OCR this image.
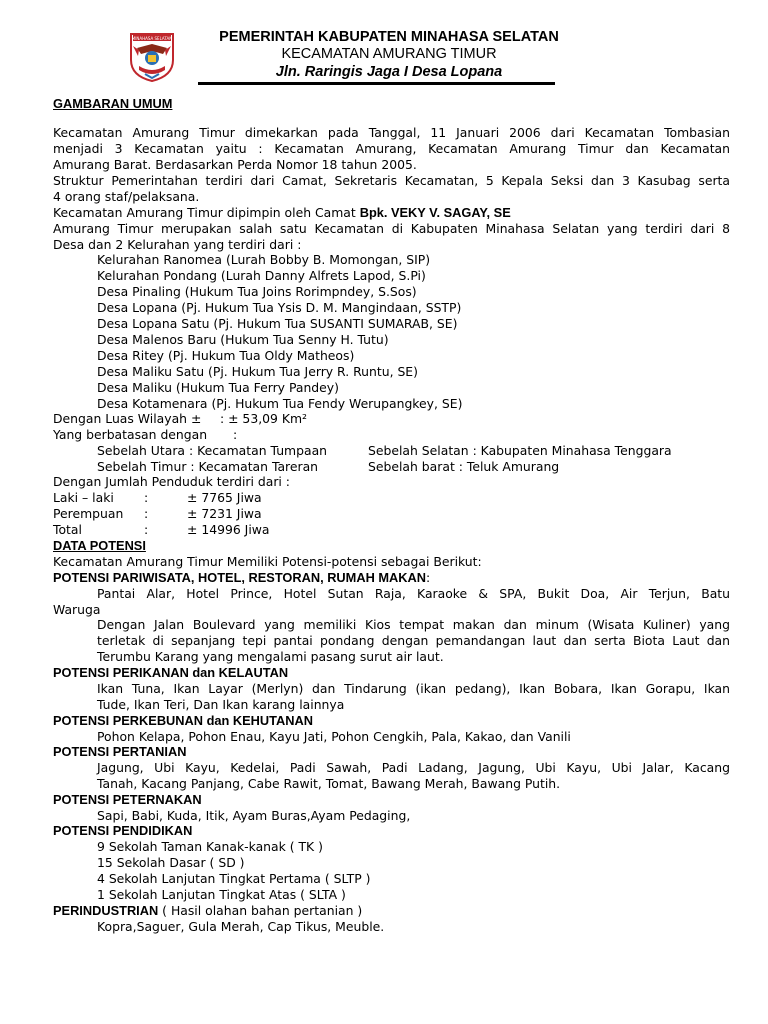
MINAHASA SELATAN	PEMERINTAH KABUPATEN MINAHASA SELATAN
KECAMATAN AMURANG TIMUR
Jln. Raringis Jaga I Desa Lopana
GAMBARAN UMUM
Kecamatan Amurang Timur dimekarkan pada Tanggal, 11 Januari 2006 dari Kecamatan Tombasian
menjadi 3 Kecamatan yaitu : Kecamatan Amurang, Kecamatan Amurang Timur dan Kecamatan
Amurang Barat. Berdasarkan Perda Nomor 18 tahun 2005.
Struktur Pemerintahan terdiri dari Camat, Sekretaris Kecamatan, 5 Kepala Seksi dan 3 Kasubag serta
4 orang staf/pelaksana.
Kecamatan Amurang Timur dipimpin oleh Camat Bpk. VEKY V. SAGAY, SE
Amurang Timur merupakan salah satu Kecamatan di Kabupaten Minahasa Selatan yang terdiri dari 8
Desa dan 2 Kelurahan yang terdiri dari :
Kelurahan Ranomea (Lurah Bobby B. Momongan, SIP)
Kelurahan Pondang (Lurah Danny Alfrets Lapod, S.Pi)
Desa Pinaling (Hukum Tua Joins Rorimpndey, S.Sos)
Desa Lopana (Pj. Hukum Tua Ysis D. M. Mangindaan, SSTP)
Desa Lopana Satu (Pj. Hukum Tua SUSANTI SUMARAB, SE)
Desa Malenos Baru (Hukum Tua Senny H. Tutu)
Desa Ritey (Pj. Hukum Tua Oldy Matheos)
Desa Maliku Satu (Pj. Hukum Tua Jerry R. Runtu, SE)
Desa Maliku (Hukum Tua Ferry Pandey)
Desa Kotamenara (Pj. Hukum Tua Fendy Werupangkey, SE)
Dengan Luas Wilayah ± : ± 53,09 Km²
Yang berbatasan dengan :
Sebelah Utara : Kecamatan Tumpaan	Sebelah Selatan : Kabupaten Minahasa Tenggara
Sebelah Timur : Kecamatan Tareran	Sebelah barat : Teluk Amurang
Dengan Jumlah Penduduk terdiri dari :
Laki – laki :	± 7765 Jiwa
Perempuan :	± 7231 Jiwa
Total	:	± 14996 Jiwa
DATA POTENSI
Kecamatan Amurang Timur Memiliki Potensi-potensi sebagai Berikut:
POTENSI PARIWISATA, HOTEL, RESTORAN, RUMAH MAKAN:
Pantai Alar, Hotel Prince, Hotel Sutan Raja, Karaoke & SPA, Bukit Doa, Air Terjun, Batu
Waruga
Dengan Jalan Boulevard yang memiliki Kios tempat makan dan minum (Wisata Kuliner) yang
terletak di sepanjang tepi pantai pondang dengan pemandangan laut dan serta Biota Laut dan
Terumbu Karang yang mengalami pasang surut air laut.
POTENSI PERIKANAN dan KELAUTAN
Ikan Tuna, Ikan Layar (Merlyn) dan Tindarung (ikan pedang), Ikan Bobara, Ikan Gorapu, Ikan
Tude, Ikan Teri, Dan Ikan karang lainnya
POTENSI PERKEBUNAN dan KEHUTANAN
Pohon Kelapa, Pohon Enau, Kayu Jati, Pohon Cengkih, Pala, Kakao, dan Vanili
POTENSI PERTANIAN
Jagung, Ubi Kayu, Kedelai, Padi Sawah, Padi Ladang, Jagung, Ubi Kayu, Ubi Jalar, Kacang
Tanah, Kacang Panjang, Cabe Rawit, Tomat, Bawang Merah, Bawang Putih.
POTENSI PETERNAKAN
Sapi, Babi, Kuda, Itik, Ayam Buras,Ayam Pedaging,
POTENSI PENDIDIKAN
9 Sekolah Taman Kanak-kanak ( TK )
15 Sekolah Dasar ( SD )
4 Sekolah Lanjutan Tingkat Pertama ( SLTP )
1 Sekolah Lanjutan Tingkat Atas ( SLTA )
PERINDUSTRIAN ( Hasil olahan bahan pertanian )
Kopra,Saguer, Gula Merah, Cap Tikus, Meuble.
